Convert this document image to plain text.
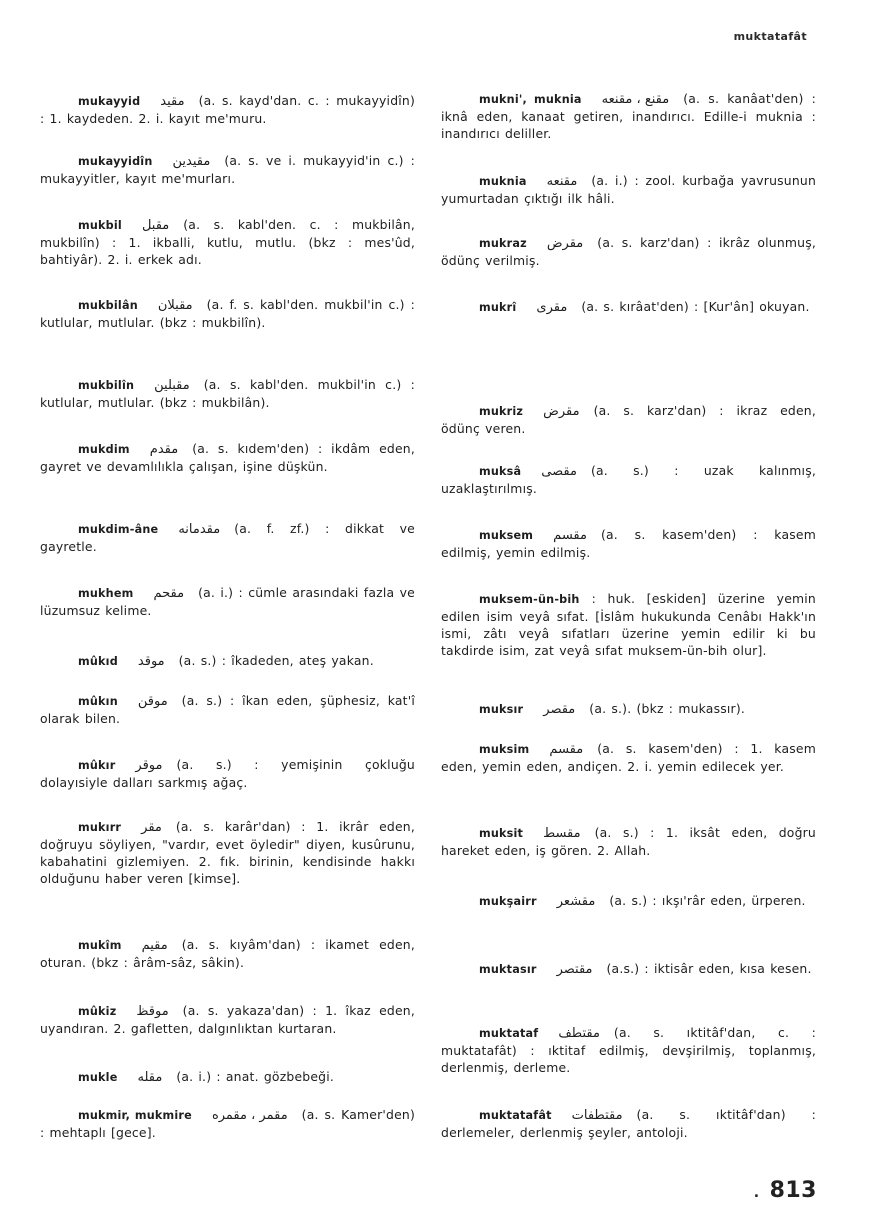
muktatafât
mukayyid مقيد (a. s. kayd'dan. c. : mukayyidîn) : 1. kaydeden. 2. i. kayıt me'muru.
mukayyidîn مقيدين (a. s. ve i. mukayyid'in c.) : mukayyitler, kayıt me'murları.
mukbil مقبل (a. s. kabl'den. c. : mukbilân, mukbilîn) : 1. ikballi, kutlu, mutlu. (bkz : mes'ûd, bahtiyâr). 2. i. erkek adı.
mukbilân مقبلان (a. f. s. kabl'den. mukbil'in c.) : kutlular, mutlular. (bkz : mukbilîn).
mukbilîn مقبلين (a. s. kabl'den. mukbil'in c.) : kutlular, mutlular. (bkz : mukbilân).
mukdim مقدم (a. s. kıdem'den) : ikdâm eden, gayret ve devamlılıkla çalışan, işine düşkün.
mukdim-âne مقدمانه (a. f. zf.) : dikkat ve gayretle.
mukhem مقحم (a. i.) : cümle arasındaki fazla ve lüzumsuz kelime.
mûkıd موقد (a. s.) : îkadeden, ateş yakan.
mûkın موقن (a. s.) : îkan eden, şüphesiz, kat'î olarak bilen.
mûkır موقر (a. s.) : yemişinin çokluğu dolayısiyle dalları sarkmış ağaç.
mukırr مقر (a. s. karâr'dan) : 1. ikrâr eden, doğruyu söyliyen, "vardır, evet öyledir" diyen, kusûrunu, kabahatini gizlemiyen. 2. fık. birinin, kendisinde hakkı olduğunu haber veren [kimse].
mukîm مقيم (a. s. kıyâm'dan) : ikamet eden, oturan. (bkz : ârâm-sâz, sâkin).
mûkiz موقظ (a. s. yakaza'dan) : 1. îkaz eden, uyandıran. 2. gafletten, dalgınlıktan kurtaran.
mukle مقله (a. i.) : anat. gözbebeği.
mukmir, mukmire مقمر ، مقمره (a. s. Kamer'den) : mehtaplı [gece].
mukni', muknia مقنع ، مقنعه (a. s. kanâat'den) : iknâ eden, kanaat getiren, inandırıcı. Edille-i muknia : inandırıcı deliller.
muknia مقنعه (a. i.) : zool. kurbağa yavrusunun yumurtadan çıktığı ilk hâli.
mukraz مقرض (a. s. karz'dan) : ikrâz olunmuş, ödünç verilmiş.
mukrî مقرى (a. s. kırâat'den) : [Kur'ân] okuyan.
mukriz مقرض (a. s. karz'dan) : ikraz eden, ödünç veren.
muksâ مقصى (a. s.) : uzak kalınmış, uzaklaştırılmış.
muksem مقسم (a. s. kasem'den) : kasem edilmiş, yemin edilmiş.
muksem-ün-bih : huk. [eskiden] üzerine yemin edilen isim veyâ sıfat. [İslâm hukukunda Cenâbı Hakk'ın ismi, zâtı veyâ sıfatları üzerine yemin edilir ki bu takdirde isim, zat veyâ sıfat muksem-ün-bih olur].
muksır مقصر (a. s.). (bkz : mukassır).
muksim مقسم (a. s. kasem'den) : 1. kasem eden, yemin eden, andiçen. 2. i. yemin edilecek yer.
muksit مقسط (a. s.) : 1. iksât eden, doğru hareket eden, iş gören. 2. Allah.
mukşairr مقشعر (a. s.) : ıkşı'râr eden, ürperen.
muktasır مقتصر (a.s.) : iktisâr eden, kısa kesen.
muktataf مقتطف (a. s. ıktitâf'dan, c. : muktatafât) : ıktitaf edilmiş, devşirilmiş, toplanmış, derlenmiş, derleme.
muktatafât مقتطفات (a. s. ıktitâf'dan) : derlemeler, derlenmiş şeyler, antoloji.
. 813
